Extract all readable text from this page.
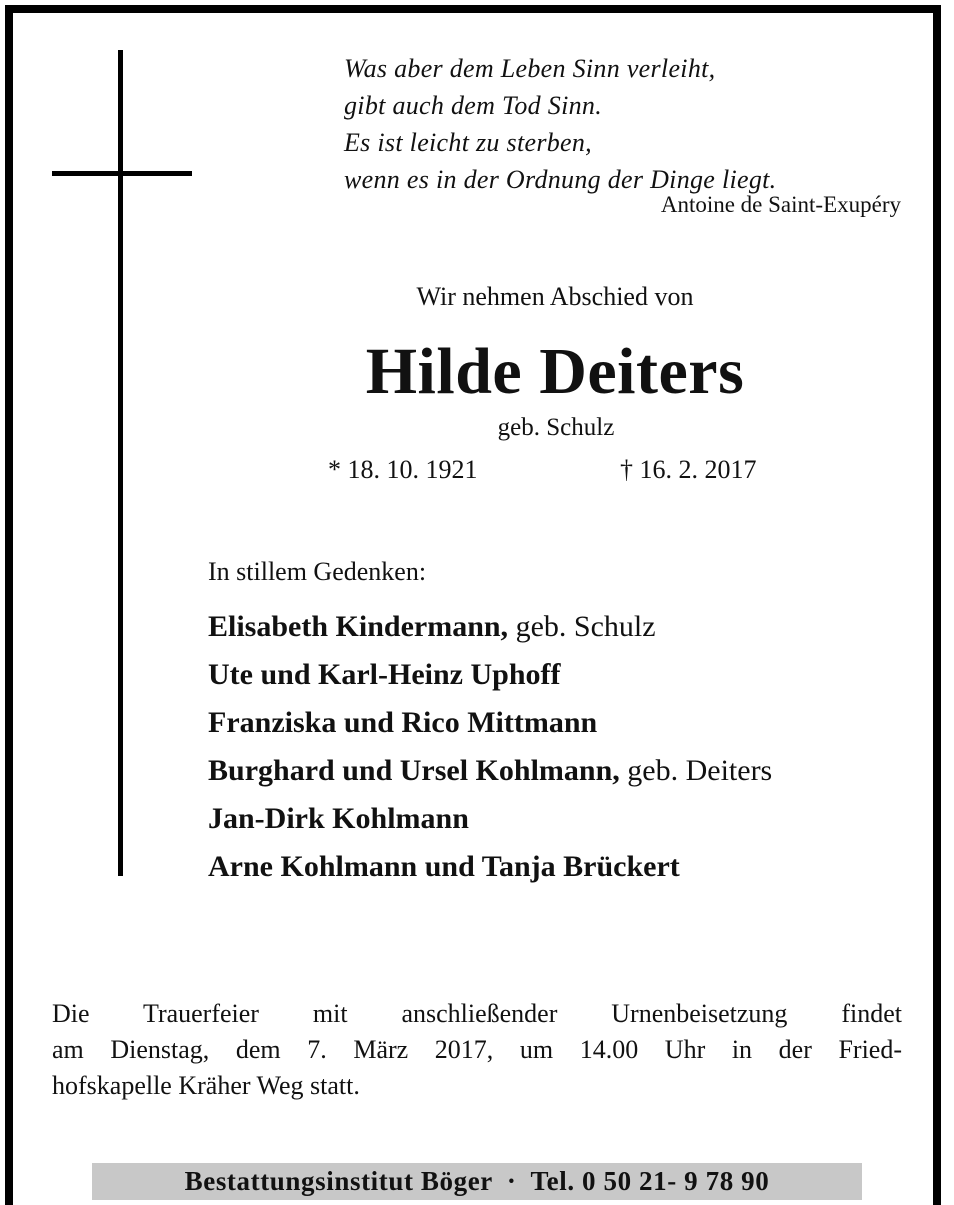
Was aber dem Leben Sinn verleiht,
gibt auch dem Tod Sinn.
Es ist leicht zu sterben,
wenn es in der Ordnung der Dinge liegt.
Antoine de Saint-Exupéry
Wir nehmen Abschied von
Hilde Deiters
geb. Schulz
* 18. 10. 1921	† 16. 2. 2017
In stillem Gedenken:
Elisabeth Kindermann, geb. Schulz
Ute und Karl-Heinz Uphoff
Franziska und Rico Mittmann
Burghard und Ursel Kohlmann, geb. Deiters
Jan-Dirk Kohlmann
Arne Kohlmann und Tanja Brückert
Die Trauerfeier mit anschließender Urnenbeisetzung findet
am Dienstag, dem 7. März 2017, um 14.00 Uhr in der Fried-
hofskapelle Kräher Weg statt.
Bestattungsinstitut Böger · Tel. 0 50 21- 9 78 90
